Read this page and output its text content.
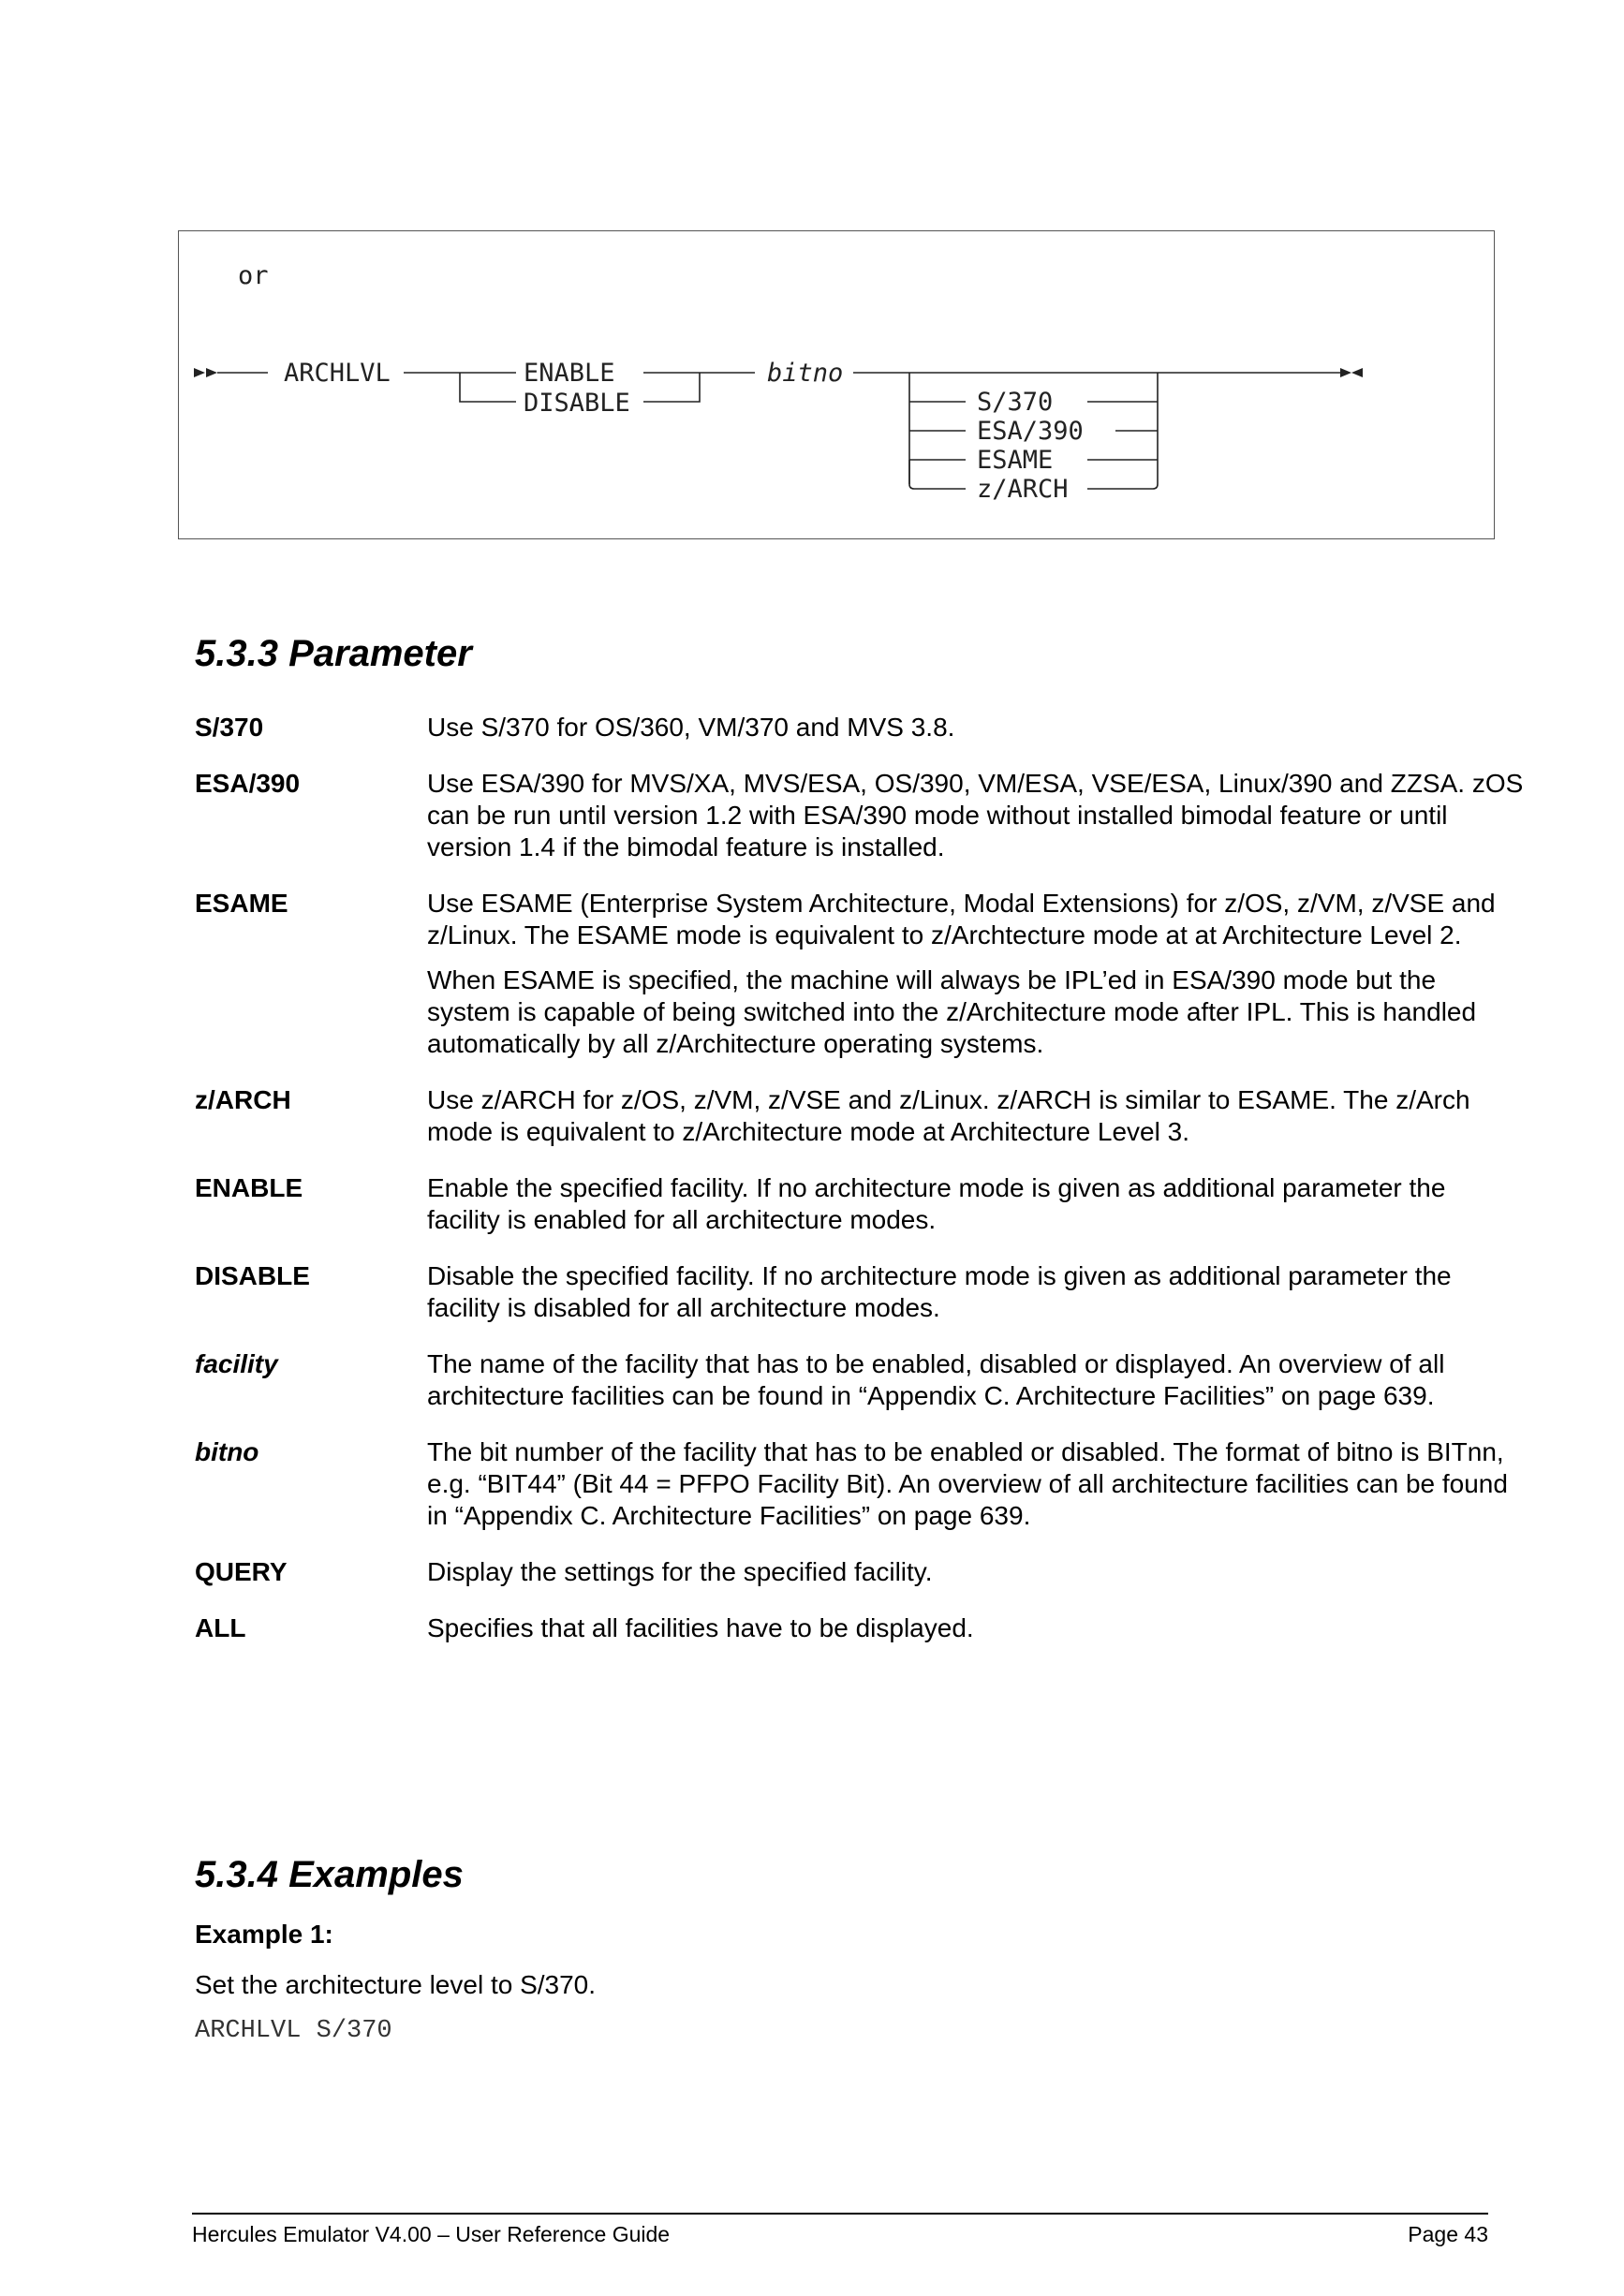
or
ARCHLVL	ENABLE
DISABLE
bitno
S/370
ESA/390
ESAME
z/ARCH
5.3.3 Parameter
S/370	Use S/370 for OS/360, VM/370 and MVS 3.8.

ESA/390	Use ESA/390 for MVS/XA, MVS/ESA, OS/390, VM/ESA, VSE/ESA, Linux/390 and ZZSA. zOS can be run until version 1.2 with ESA/390 mode without installed bimodal feature or until version 1.4 if the bimodal feature is installed.

ESAME	Use ESAME (Enterprise System Architecture, Modal Extensions) for z/OS, z/VM, z/VSE and z/Linux. The ESAME mode is equivalent to z/Archtecture mode at at Architecture Level 2.

When ESAME is specified, the machine will always be IPL’ed in ESA/390 mode but the system is capable of being switched into the z/Architecture mode after IPL. This is handled automatically by all z/Architecture operating systems.

z/ARCH	Use z/ARCH for z/OS, z/VM, z/VSE and z/Linux. z/ARCH is similar to ESAME. The z/Arch mode is equivalent to z/Architecture mode at Architecture Level 3.

ENABLE	Enable the specified facility. If no architecture mode is given as additional parameter the facility is enabled for all architecture modes.

DISABLE	Disable the specified facility. If no architecture mode is given as additional parameter the facility is disabled for all architecture modes.

facility	The name of the facility that has to be enabled, disabled or displayed. An overview of all architecture facilities can be found in “Appendix C. Architecture Facilities” on page 639.

bitno	The bit number of the facility that has to be enabled or disabled. The format of bitno is BITnn, e.g. “BIT44” (Bit 44 = PFPO Facility Bit). An overview of all architecture facilities can be found in “Appendix C. Architecture Facilities” on page 639.

QUERY	Display the settings for the specified facility.

ALL	Specifies that all facilities have to be displayed.

5.3.4 Examples

Example 1:

Set the architecture level to S/370.

ARCHLVL S/370

Hercules Emulator V4.00 – User Reference Guide	Page 43
